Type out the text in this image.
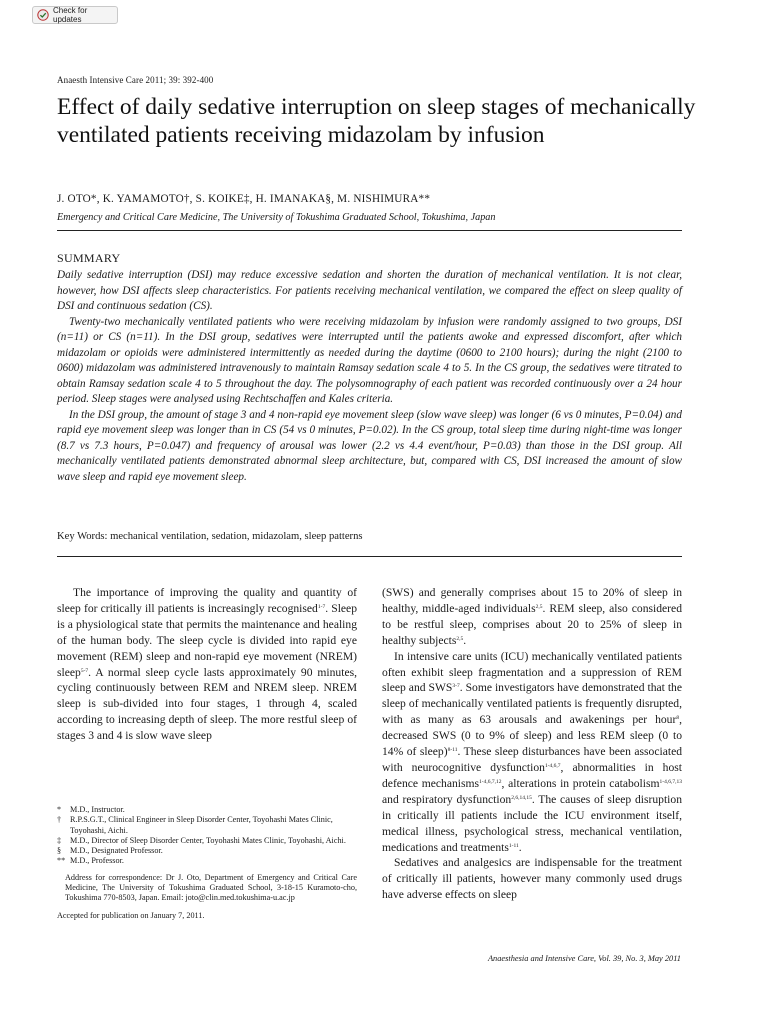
Check for updates
Anaesth Intensive Care 2011; 39: 392-400
Effect of daily sedative interruption on sleep stages of mechanically ventilated patients receiving midazolam by infusion
J. OTO*, K. YAMAMOTO†, S. KOIKE‡, H. IMANAKA§, M. NISHIMURA**
Emergency and Critical Care Medicine, The University of Tokushima Graduated School, Tokushima, Japan
SUMMARY

Daily sedative interruption (DSI) may reduce excessive sedation and shorten the duration of mechanical ventilation. It is not clear, however, how DSI affects sleep characteristics. For patients receiving mechanical ventilation, we compared the effect on sleep quality of DSI and continuous sedation (CS).

Twenty-two mechanically ventilated patients who were receiving midazolam by infusion were randomly assigned to two groups, DSI (n=11) or CS (n=11). In the DSI group, sedatives were interrupted until the patients awoke and expressed discomfort, after which midazolam or opioids were administered intermittently as needed during the daytime (0600 to 2100 hours); during the night (2100 to 0600) midazolam was administered intravenously to maintain Ramsay sedation scale 4 to 5. In the CS group, the sedatives were titrated to obtain Ramsay sedation scale 4 to 5 throughout the day. The polysomnography of each patient was recorded continuously over a 24 hour period. Sleep stages were analysed using Rechtschaffen and Kales criteria.

In the DSI group, the amount of stage 3 and 4 non-rapid eye movement sleep (slow wave sleep) was longer (6 vs 0 minutes, P=0.04) and rapid eye movement sleep was longer than in CS (54 vs 0 minutes, P=0.02). In the CS group, total sleep time during night-time was longer (8.7 vs 7.3 hours, P=0.047) and frequency of arousal was lower (2.2 vs 4.4 event/hour, P=0.03) than those in the DSI group. All mechanically ventilated patients demonstrated abnormal sleep architecture, but, compared with CS, DSI increased the amount of slow wave sleep and rapid eye movement sleep.

Key Words: mechanical ventilation, sedation, midazolam, sleep patterns

The importance of improving the quality and quantity of sleep for critically ill patients is increasingly recognised$^{1-7}$. Sleep is a physiological state that permits the maintenance and healing of the human body. The sleep cycle is divided into rapid eye movement (REM) sleep and non-rapid eye movement (NREM) sleep$^{5-7}$. A normal sleep cycle lasts approximately 90 minutes, cycling continuously between REM and NREM sleep. NREM sleep is sub-divided into four stages, 1 through 4, scaled according to increasing depth of sleep. The more restful sleep of stages 3 and 4 is slow wave sleep

(SWS) and generally comprises about 15 to 20% of sleep in healthy, middle-aged individuals$^{2,5}$. REM sleep, also considered to be restful sleep, comprises about 20 to 25% of sleep in healthy subjects$^{2,5}$.

In intensive care units (ICU) mechanically ventilated patients often exhibit sleep fragmentation and a suppression of REM sleep and SWS$^{3-7}$. Some investigators have demonstrated that the sleep of mechanically ventilated patients is frequently disrupted, with as many as 63 arousals and awakenings per hour$^8$, decreased SWS (0 to 9% of sleep) and less REM sleep (0 to 14% of sleep)$^{8-11}$. These sleep disturbances have been associated with neurocognitive dysfunction$^{1-4,6,7}$, abnormalities in host defence mechanisms$^{1-4,6,7,12}$, alterations in protein catabolism$^{1-4,6,7,13}$ and respiratory dysfunction$^{2,6,14,15}$. The causes of sleep disruption in critically ill patients include the ICU environment itself, medical illness, psychological stress, mechanical ventilation, medications and treatments$^{1-11}$.

Sedatives and analgesics are indispensable for the treatment of critically ill patients, however many commonly used drugs have adverse effects on sleep

*	M.D., Instructor.
†	R.P.S.G.T., Clinical Engineer in Sleep Disorder Center, Toyohashi Mates Clinic, Toyohashi, Aichi.
‡	M.D., Director of Sleep Disorder Center, Toyohashi Mates Clinic, Toyohashi, Aichi.
§	M.D., Designated Professor.
** M.D., Professor.

Address for correspondence: Dr J. Oto, Department of Emergency and Critical Care Medicine, The University of Tokushima Graduated School, 3-18-15 Kuramoto-cho, Tokushima 770-8503, Japan. Email: joto@clin.med.tokushima-u.ac.jp

Accepted for publication on January 7, 2011.

Anaesthesia and Intensive Care, Vol. 39, No. 3, May 2011
